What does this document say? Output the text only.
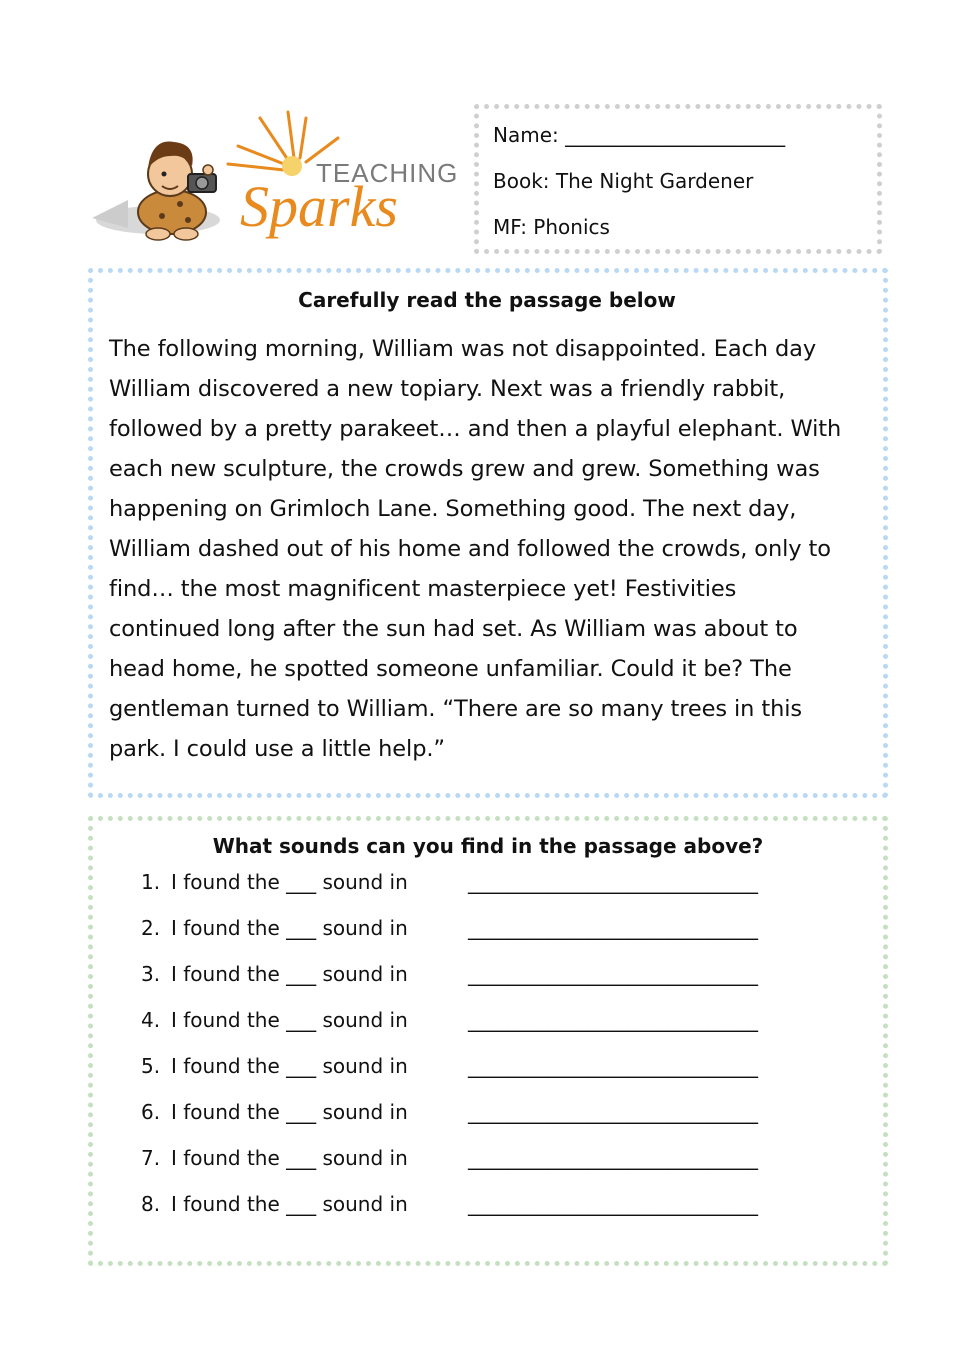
TEACHING
Sparks
Name: ______________________
Book: The Night Gardener
MF: Phonics
Carefully read the passage below
The following morning, William was not disappointed. Each day
William discovered a new topiary. Next was a friendly rabbit,
followed by a pretty parakeet… and then a playful elephant. With
each new sculpture, the crowds grew and grew. Something was
happening on Grimloch Lane. Something good. The next day,
William dashed out of his home and followed the crowds, only to
find… the most magnificent masterpiece yet! Festivities
continued long after the sun had set. As William was about to
head home, he spotted someone unfamiliar. Could it be? The
gentleman turned to William. “There are so many trees in this
park. I could use a little help.”
What sounds can you find in the passage above?
1. I found the ___ sound in	_____________________________
2. I found the ___ sound in	_____________________________
3. I found the ___ sound in	_____________________________
4. I found the ___ sound in	_____________________________
5. I found the ___ sound in	_____________________________
6. I found the ___ sound in	_____________________________
7. I found the ___ sound in	_____________________________
8. I found the ___ sound in	_____________________________
